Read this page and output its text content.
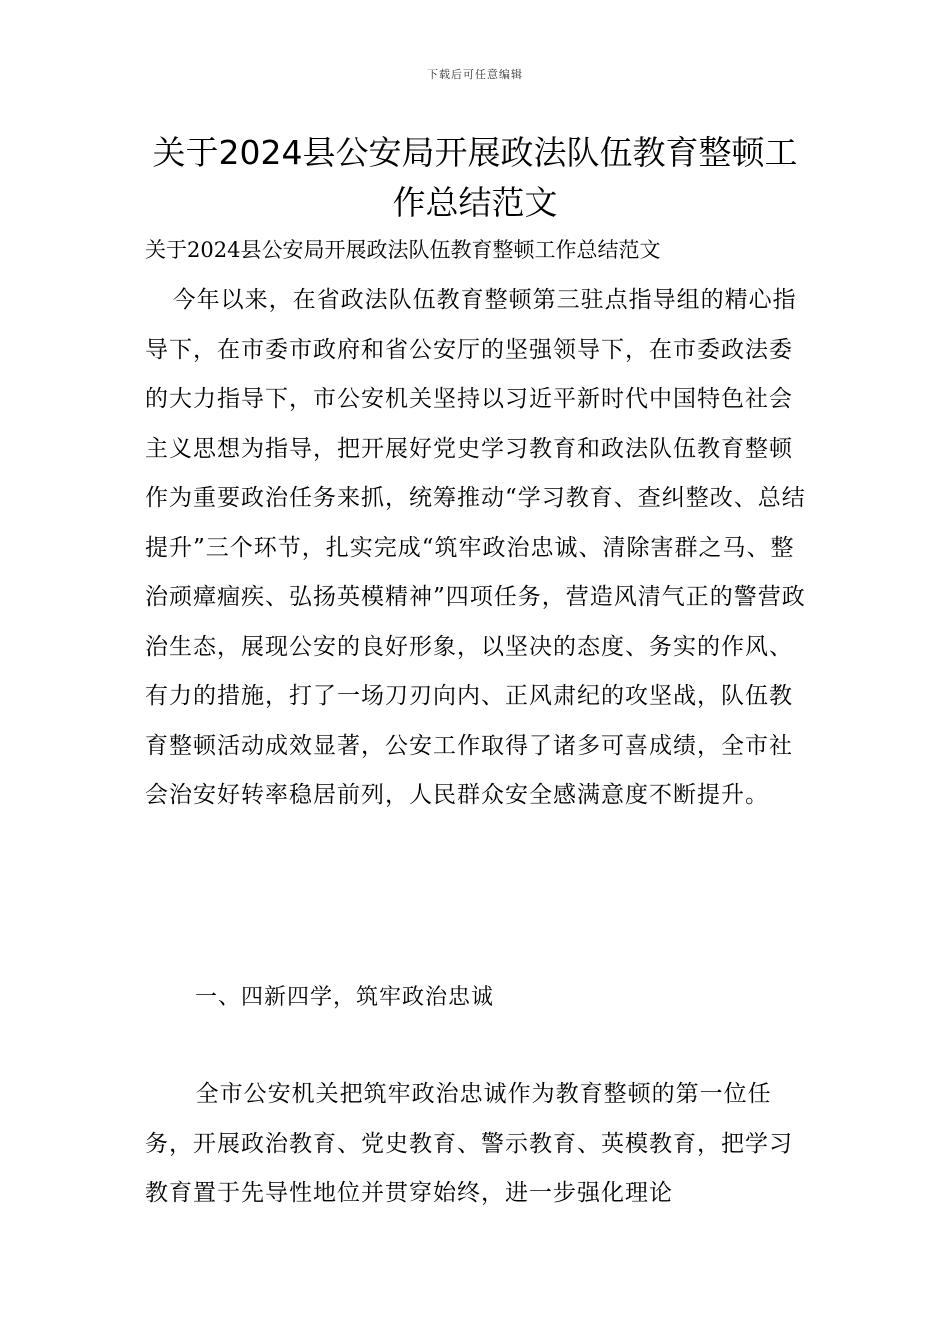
下载后可任意编辑
关于2024县公安局开展政法队伍教育整顿工作总结范文
关于2024县公安局开展政法队伍教育整顿工作总结范文

今年以来，在省政法队伍教育整顿第三驻点指导组的精心指导下，在市委市政府和省公安厅的坚强领导下，在市委政法委的大力指导下，市公安机关坚持以习近平新时代中国特色社会主义思想为指导，把开展好党史学习教育和政法队伍教育整顿作为重要政治任务来抓，统筹推动“学习教育、查纠整改、总结提升”三个环节，扎实完成“筑牢政治忠诚、清除害群之马、整治顽瘴痼疾、弘扬英模精神”四项任务，营造风清气正的警营政治生态，展现公安的良好形象，以坚决的态度、务实的作风、有力的措施，打了一场刀刃向内、正风肃纪的攻坚战，队伍教育整顿活动成效显著，公安工作取得了诸多可喜成绩，全市社会治安好转率稳居前列，人民群众安全感满意度不断提升。

一、四新四学，筑牢政治忠诚

全市公安机关把筑牢政治忠诚作为教育整顿的第一位任务，开展政治教育、党史教育、警示教育、英模教育，把学习教育置于先导性地位并贯穿始终，进一步强化理论
